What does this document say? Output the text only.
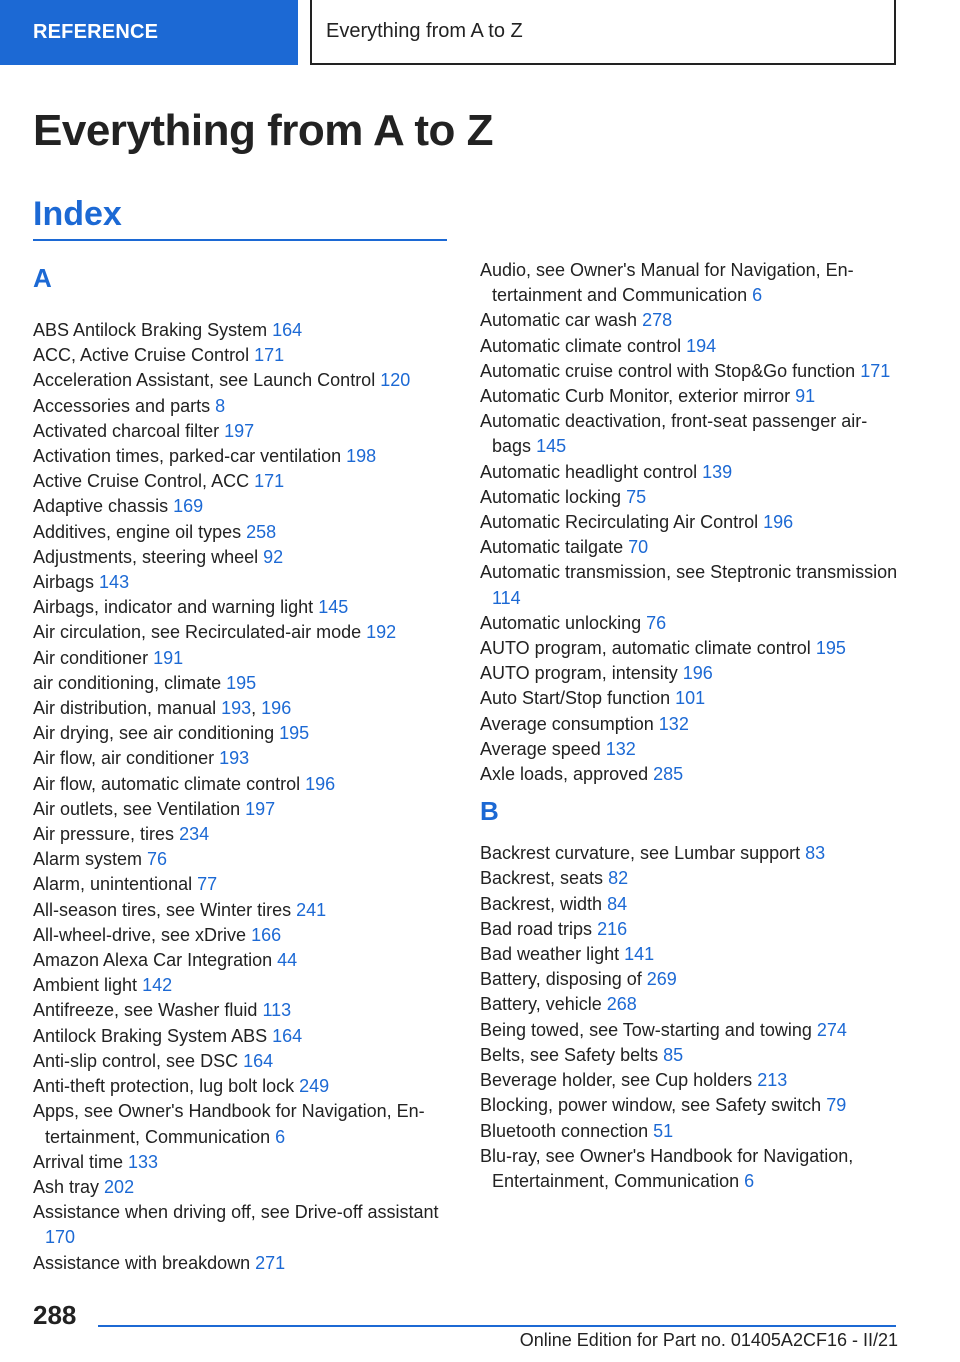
REFERENCE	Everything from A to Z
Everything from A to Z
Index
A
ABS Antilock Braking System 164
ACC, Active Cruise Control 171
Acceleration Assistant, see Launch Control 120
Accessories and parts 8
Activated charcoal filter 197
Activation times, parked-car ventilation 198
Active Cruise Control, ACC 171
Adaptive chassis 169
Additives, engine oil types 258
Adjustments, steering wheel 92
Airbags 143
Airbags, indicator and warning light 145
Air circulation, see Recirculated-air mode 192
Air conditioner 191
air conditioning, climate 195
Air distribution, manual 193, 196
Air drying, see air conditioning 195
Air flow, air conditioner 193
Air flow, automatic climate control 196
Air outlets, see Ventilation 197
Air pressure, tires 234
Alarm system 76
Alarm, unintentional 77
All-season tires, see Winter tires 241
All-wheel-drive, see xDrive 166
Amazon Alexa Car Integration 44
Ambient light 142
Antifreeze, see Washer fluid 113
Antilock Braking System ABS 164
Anti-slip control, see DSC 164
Anti-theft protection, lug bolt lock 249
Apps, see Owner's Handbook for Navigation, Entertainment, Communication 6
Arrival time 133
Ash tray 202
Assistance when driving off, see Drive-off assistant 170
Assistance with breakdown 271
Audio, see Owner's Manual for Navigation, Entertainment and Communication 6
Automatic car wash 278
Automatic climate control 194
Automatic cruise control with Stop&Go function 171
Automatic Curb Monitor, exterior mirror 91
Automatic deactivation, front-seat passenger airbags 145
Automatic headlight control 139
Automatic locking 75
Automatic Recirculating Air Control 196
Automatic tailgate 70
Automatic transmission, see Steptronic transmission 114
Automatic unlocking 76
AUTO program, automatic climate control 195
AUTO program, intensity 196
Auto Start/Stop function 101
Average consumption 132
Average speed 132
Axle loads, approved 285
B
Backrest curvature, see Lumbar support 83
Backrest, seats 82
Backrest, width 84
Bad road trips 216
Bad weather light 141
Battery, disposing of 269
Battery, vehicle 268
Being towed, see Tow-starting and towing 274
Belts, see Safety belts 85
Beverage holder, see Cup holders 213
Blocking, power window, see Safety switch 79
Bluetooth connection 51
Blu-ray, see Owner's Handbook for Navigation, Entertainment, Communication 6
288
Online Edition for Part no. 01405A2CF16 - II/21
